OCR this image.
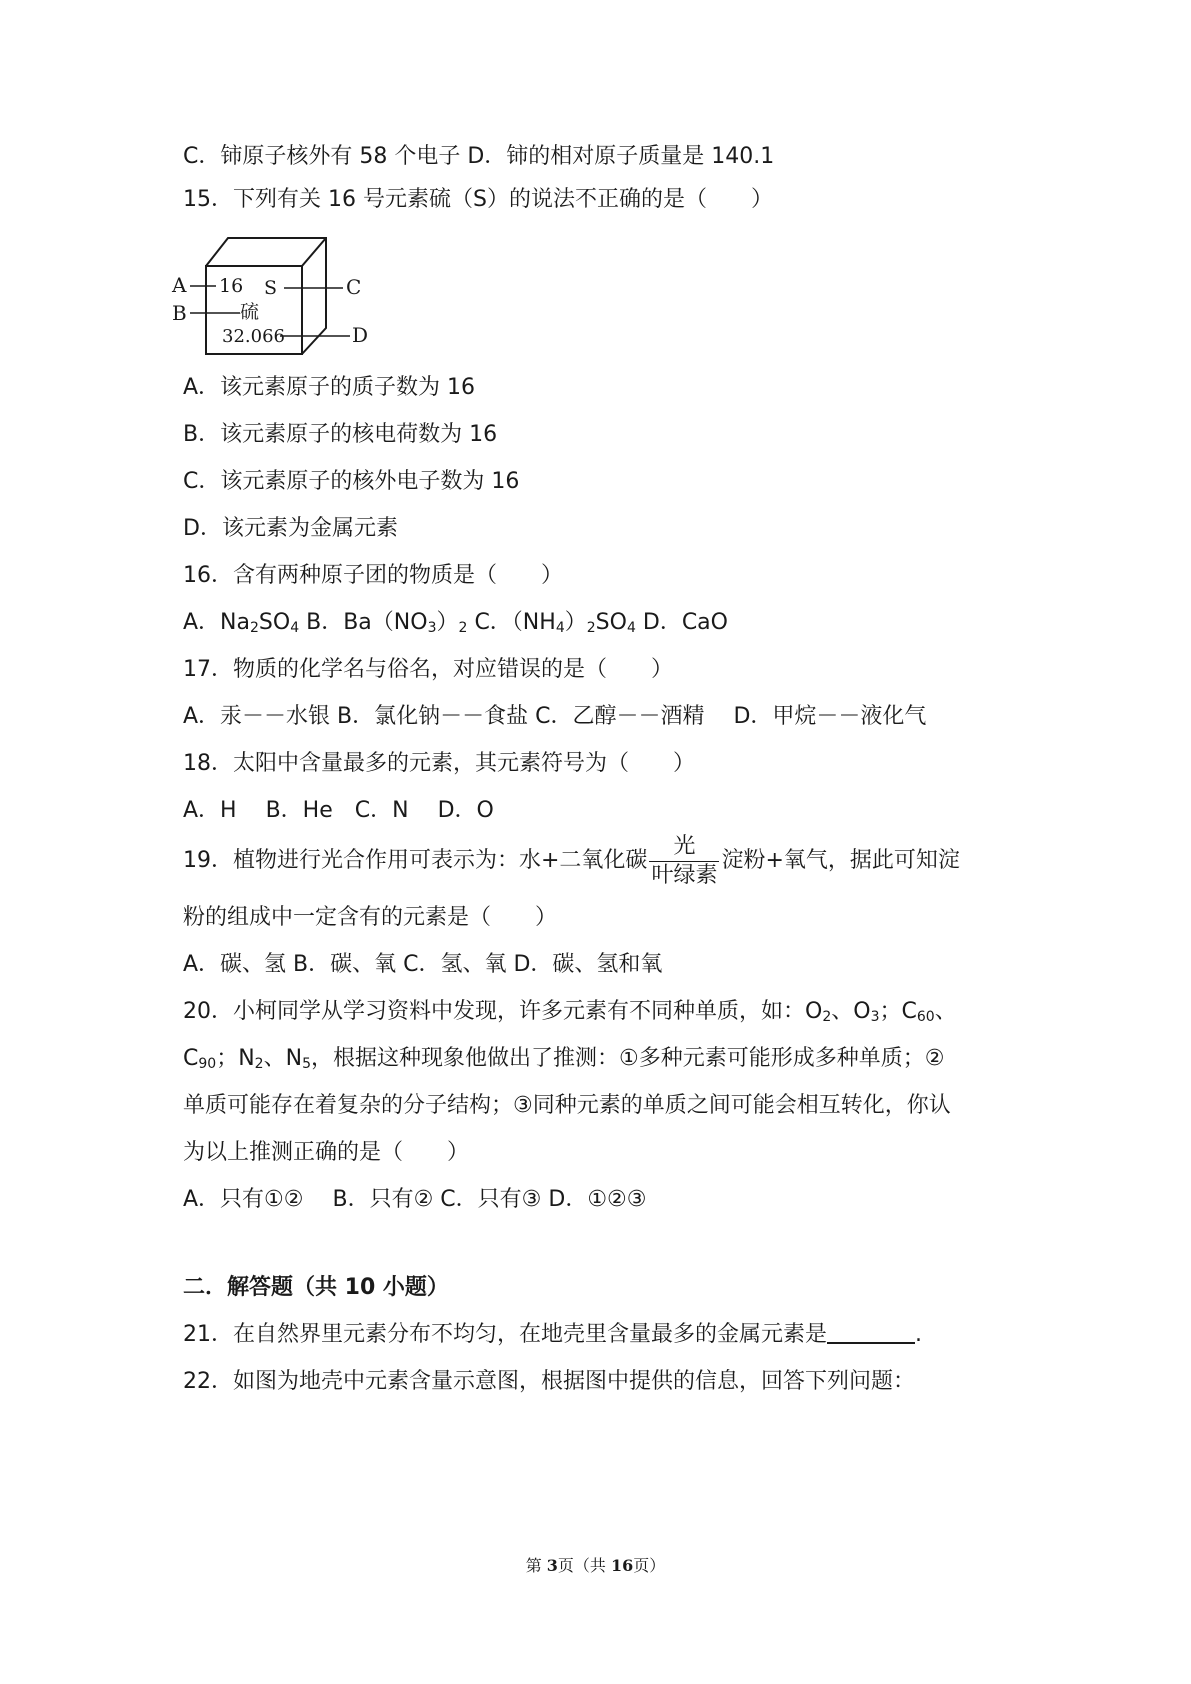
C．铈原子核外有 58 个电子 D．铈的相对原子质量是 140.1
15．下列有关 16 号元素硫（S）的说法不正确的是（　　）
A
B
C
D
16 S
硫
32.066
A．该元素原子的质子数为 16
B．该元素原子的核电荷数为 16
C．该元素原子的核外电子数为 16
D．该元素为金属元素
16．含有两种原子团的物质是（　　）
A．$Na_2SO_4$ B．$Ba(NO_3)_2$ C．$(NH_4)_2SO_4$ D．CaO
17．物质的化学名与俗名，对应错误的是（　　）
A．汞－－水银 B．氯化钠－－食盐 C．乙醇－－酒精　 D．甲烷－－液化气
18．太阳中含量最多的元素，其元素符号为（　　）
A．H　 B．He　C．N　 D．O
19．植物进行光合作用可表示为：水+二氧化碳 $\frac{\text{光}}{\text{叶绿素}}$ 淀粉+氧气，据此可知淀
粉的组成中一定含有的元素是（　　）
A．碳、氢 B．碳、氧 C．氢、氧 D．碳、氢和氧
20．小柯同学从学习资料中发现，许多元素有不同种单质，如：$O_2$、$O_3$；$C_{60}$、
$C_{90}$；$N_2$、$N_5$，根据这种现象他做出了推测：①多种元素可能形成多种单质；②
单质可能存在着复杂的分子结构；③同种元素的单质之间可能会相互转化，你认
为以上推测正确的是（　　）
A．只有①②　 B．只有② C．只有③ D．①②③
二．解答题（共 10 小题）
21．在自然界里元素分布不均匀，在地壳里含量最多的金属元素是	.
22．如图为地壳中元素含量示意图，根据图中提供的信息，回答下列问题：
第 3页（共 16页）
